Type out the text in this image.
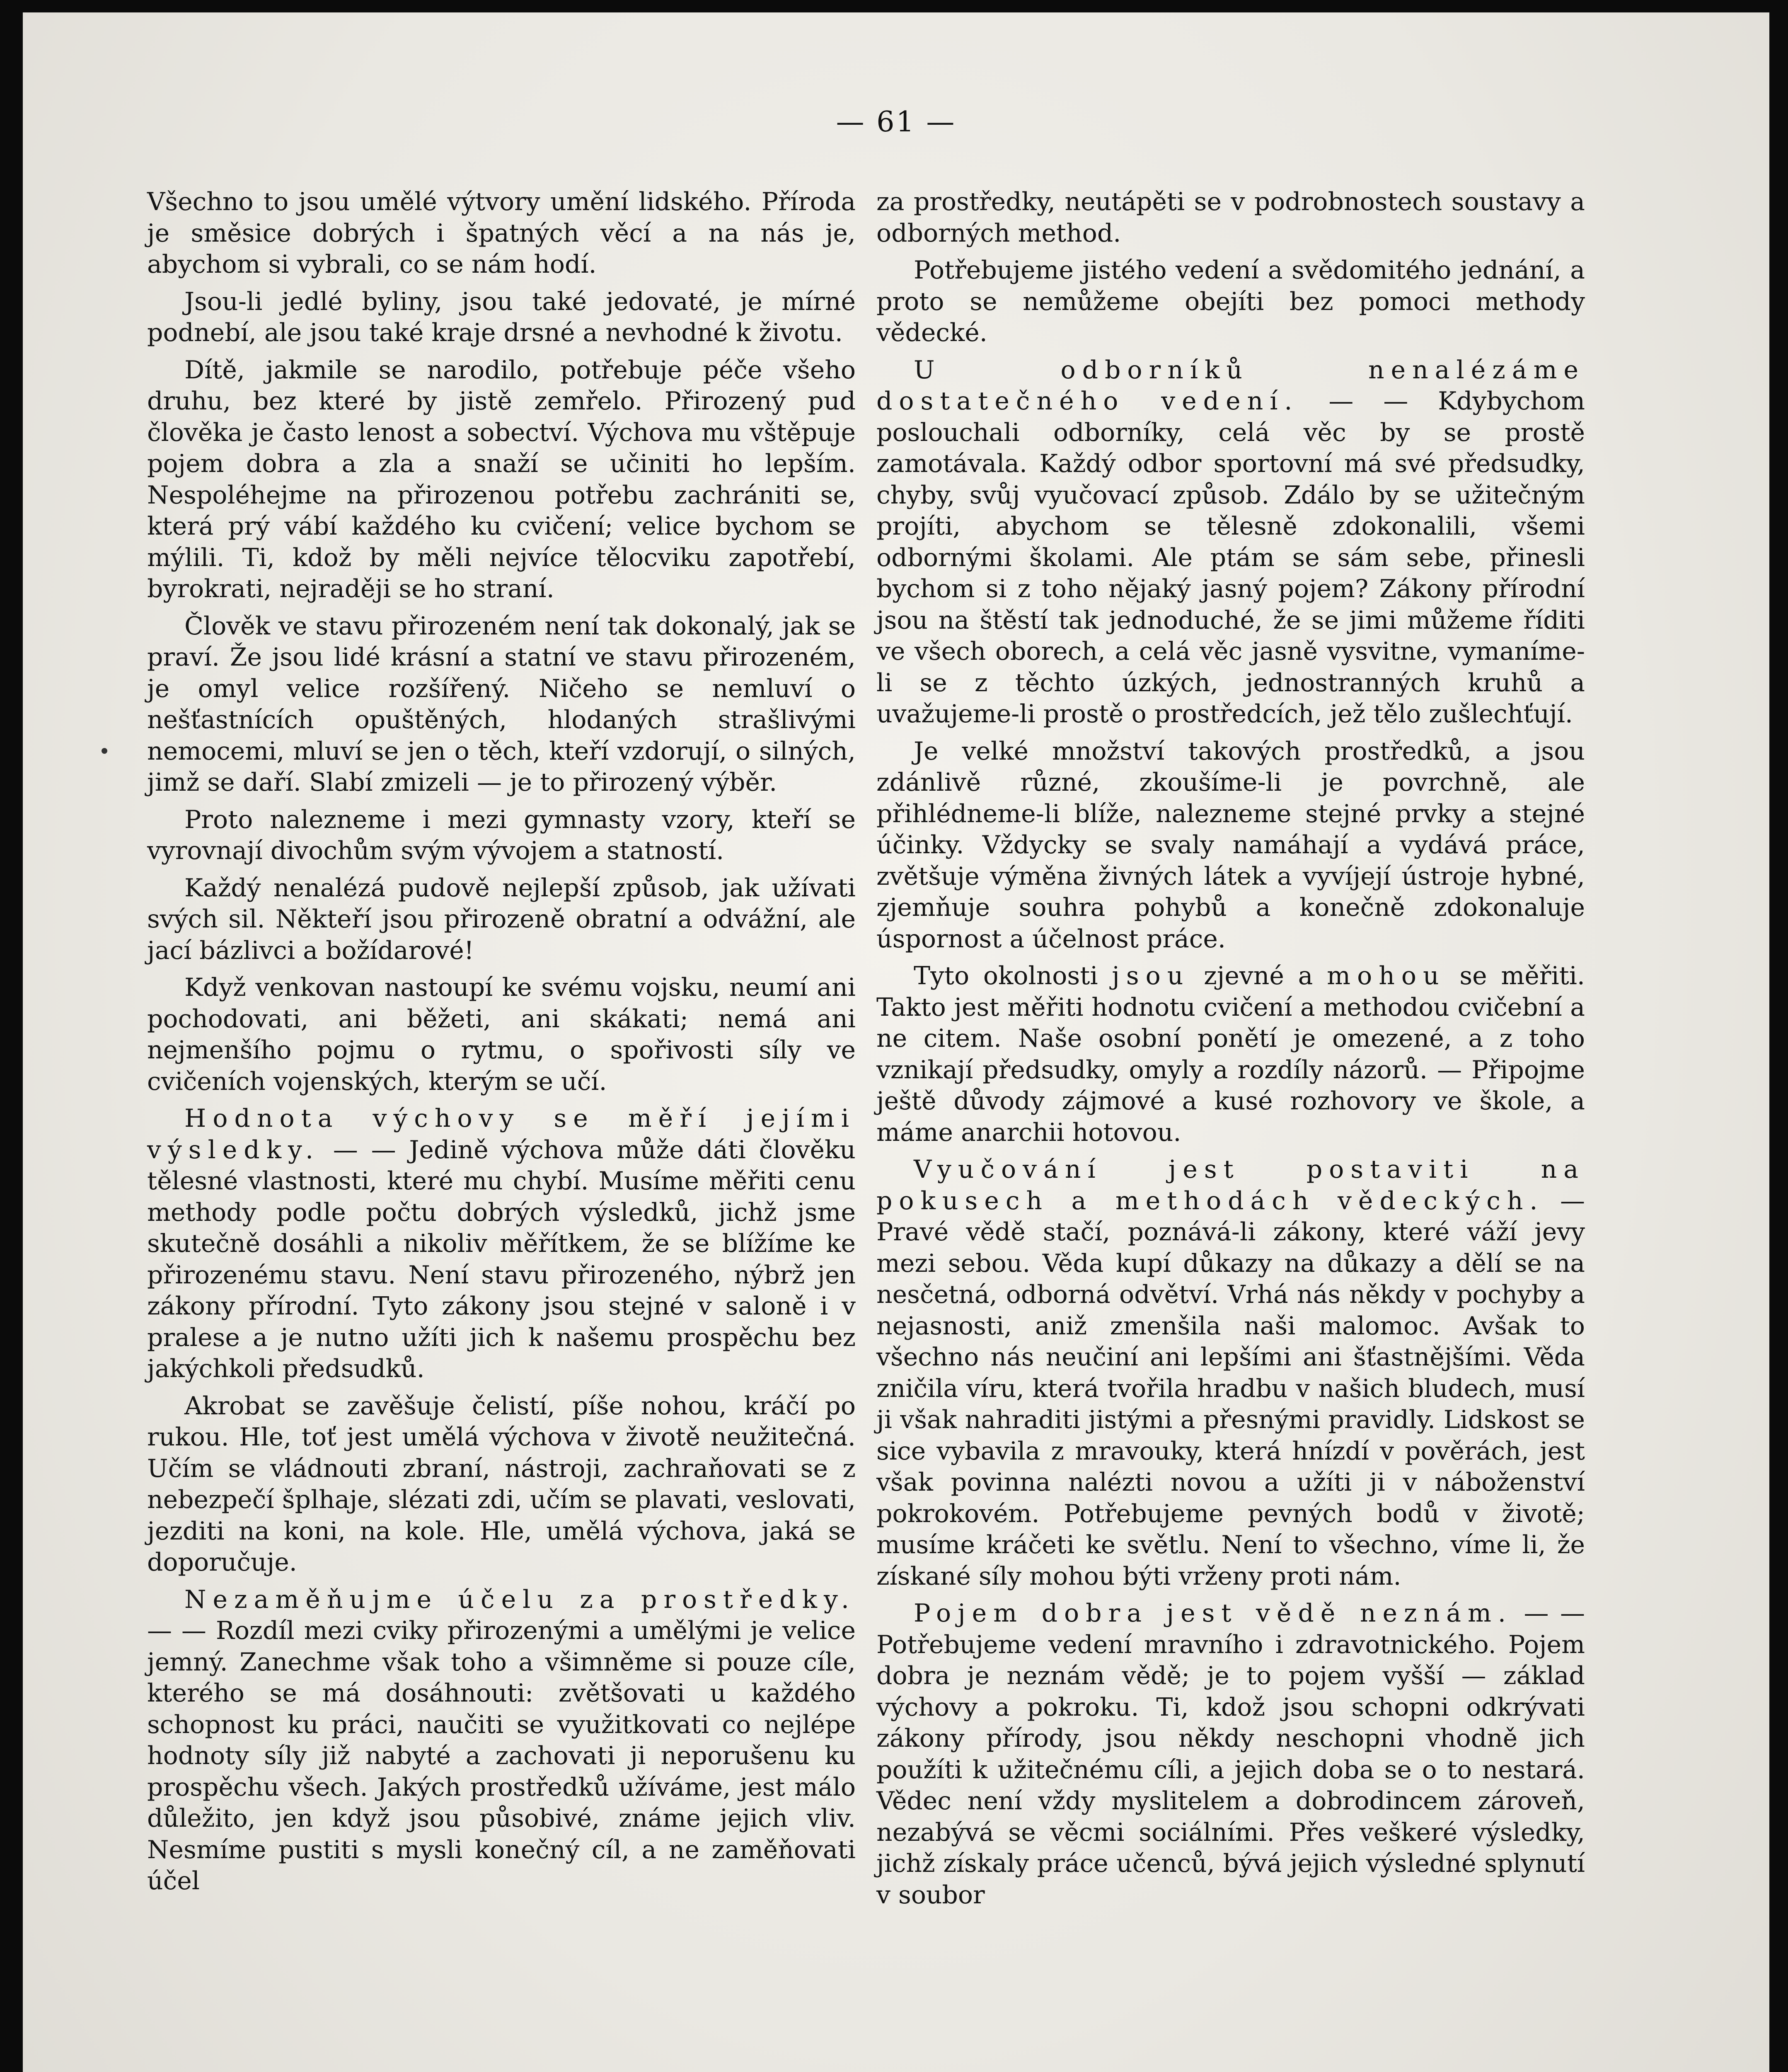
— 61 —

Všechno to jsou umělé výtvory umění lidského. Příroda je směsice dobrých i špatných věcí a na nás je, abychom si vybrali, co se nám hodí.

Jsou-li jedlé byliny, jsou také jedovaté, je mírné podnebí, ale jsou také kraje drsné a nevhodné k životu.

Dítě, jakmile se narodilo, potřebuje péče všeho druhu, bez které by jistě zemřelo. Přirozený pud člověka je často lenost a sobectví. Výchova mu vštěpuje pojem dobra a zla a snaží se učiniti ho lepším. Nespoléhejme na přirozenou potřebu zachrániti se, která prý vábí každého ku cvičení; velice bychom se mýlili. Ti, kdož by měli nejvíce tělocviku zapotřebí, byrokrati, nejraději se ho straní.

Člověk ve stavu přirozeném není tak dokonalý, jak se praví. Že jsou lidé krásní a statní ve stavu přirozeném, je omyl velice rozšířený. Ničeho se nemluví o nešťastnících opuštěných, hlodaných strašlivými nemocemi, mluví se jen o těch, kteří vzdorují, o silných, jimž se daří. Slabí zmizeli — je to přirozený výběr.

Proto nalezneme i mezi gymnasty vzory, kteří se vyrovnají divochům svým vývojem a statností.

Každý nenalézá pudově nejlepší způsob, jak užívati svých sil. Někteří jsou přirozeně obratní a odvážní, ale jací bázlivci a božídarové!

Když venkovan nastoupí ke svému vojsku, neumí ani pochodovati, ani běžeti, ani skákati; nemá ani nejmenšího pojmu o rytmu, o spořivosti síly ve cvičeních vojenských, kterým se učí.

Hodnota výchovy se měří jejími výsledky. — — Jedině výchova může dáti člověku tělesné vlastnosti, které mu chybí. Musíme měřiti cenu methody podle počtu dobrých výsledků, jichž jsme skutečně dosáhli a nikoliv měřítkem, že se blížíme ke přirozenému stavu. Není stavu přirozeného, nýbrž jen zákony přírodní. Tyto zákony jsou stejné v saloně i v pralese a je nutno užíti jich k našemu prospěchu bez jakýchkoli předsudků.

Akrobat se zavěšuje čelistí, píše nohou, kráčí po rukou. Hle, toť jest umělá výchova v životě neužitečná. Učím se vládnouti zbraní, nástroji, zachraňovati se z nebezpečí šplhaje, slézati zdi, učím se plavati, veslovati, jezditi na koni, na kole. Hle, umělá výchova, jaká se doporučuje.

Nezaměňujme účelu za prostředky. — — Rozdíl mezi cviky přirozenými a umělými je velice jemný. Zanechme však toho a všimněme si pouze cíle, kterého se má dosáhnouti: zvětšovati u každého schopnost ku práci, naučiti se využitkovati co nejlépe hodnoty síly již nabyté a zachovati ji neporušenu ku prospěchu všech. Jakých prostředků užíváme, jest málo důležito, jen když jsou působivé, známe jejich vliv. Nesmíme pustiti s mysli konečný cíl, a ne zaměňovati účel

za prostředky, neutápěti se v podrobnostech soustavy a odborných method.

Potřebujeme jistého vedení a svědomitého jednání, a proto se nemůžeme obejíti bez pomoci methody vědecké.

U odborníků nenalézáme dostatečného vedení. — — Kdybychom poslouchali odborníky, celá věc by se prostě zamotávala. Každý odbor sportovní má své předsudky, chyby, svůj vyučovací způsob. Zdálo by se užitečným projíti, abychom se tělesně zdokonalili, všemi odbornými školami. Ale ptám se sám sebe, přinesli bychom si z toho nějaký jasný pojem? Zákony přírodní jsou na štěstí tak jednoduché, že se jimi můžeme říditi ve všech oborech, a celá věc jasně vysvitne, vymaníme-li se z těchto úzkých, jednostranných kruhů a uvažujeme-li prostě o prostředcích, jež tělo zušlechťují.

Je velké množství takových prostředků, a jsou zdánlivě různé, zkoušíme-li je povrchně, ale přihlédneme-li blíže, nalezneme stejné prvky a stejné účinky. Vždycky se svaly namáhají a vydává práce, zvětšuje výměna živných látek a vyvíjejí ústroje hybné, zjemňuje souhra pohybů a konečně zdokonaluje úspornost a účelnost práce.

Tyto okolnosti jsou zjevné a mohou se měřiti. Takto jest měřiti hodnotu cvičení a methodou cvičební a ne citem. Naše osobní ponětí je omezené, a z toho vznikají předsudky, omyly a rozdíly názorů. — Připojme ještě důvody zájmové a kusé rozhovory ve škole, a máme anarchii hotovou.

Vyučování jest postaviti na pokusech a methodách vědeckých. — Pravé vědě stačí, poznává-li zákony, které váží jevy mezi sebou. Věda kupí důkazy na důkazy a dělí se na nesčetná, odborná odvětví. Vrhá nás někdy v pochyby a nejasnosti, aniž zmenšila naši malomoc. Avšak to všechno nás neučiní ani lepšími ani šťastnějšími. Věda zničila víru, která tvořila hradbu v našich bludech, musí ji však nahraditi jistými a přesnými pravidly. Lidskost se sice vybavila z mravouky, která hnízdí v pověrách, jest však povinna nalézti novou a užíti ji v náboženství pokrokovém. Potřebujeme pevných bodů v životě; musíme kráčeti ke světlu. Není to všechno, víme li, že získané síly mohou býti vrženy proti nám.

Pojem dobra jest vědě neznám. — — Potřebujeme vedení mravního i zdravotnického. Pojem dobra je neznám vědě; je to pojem vyšší — základ výchovy a pokroku. Ti, kdož jsou schopni odkrývati zákony přírody, jsou někdy neschopni vhodně jich použíti k užitečnému cíli, a jejich doba se o to nestará. Vědec není vždy myslitelem a dobrodincem zároveň, nezabývá se věcmi sociálními. Přes veškeré výsledky, jichž získaly práce učenců, bývá jejich výsledné splynutí v soubor
